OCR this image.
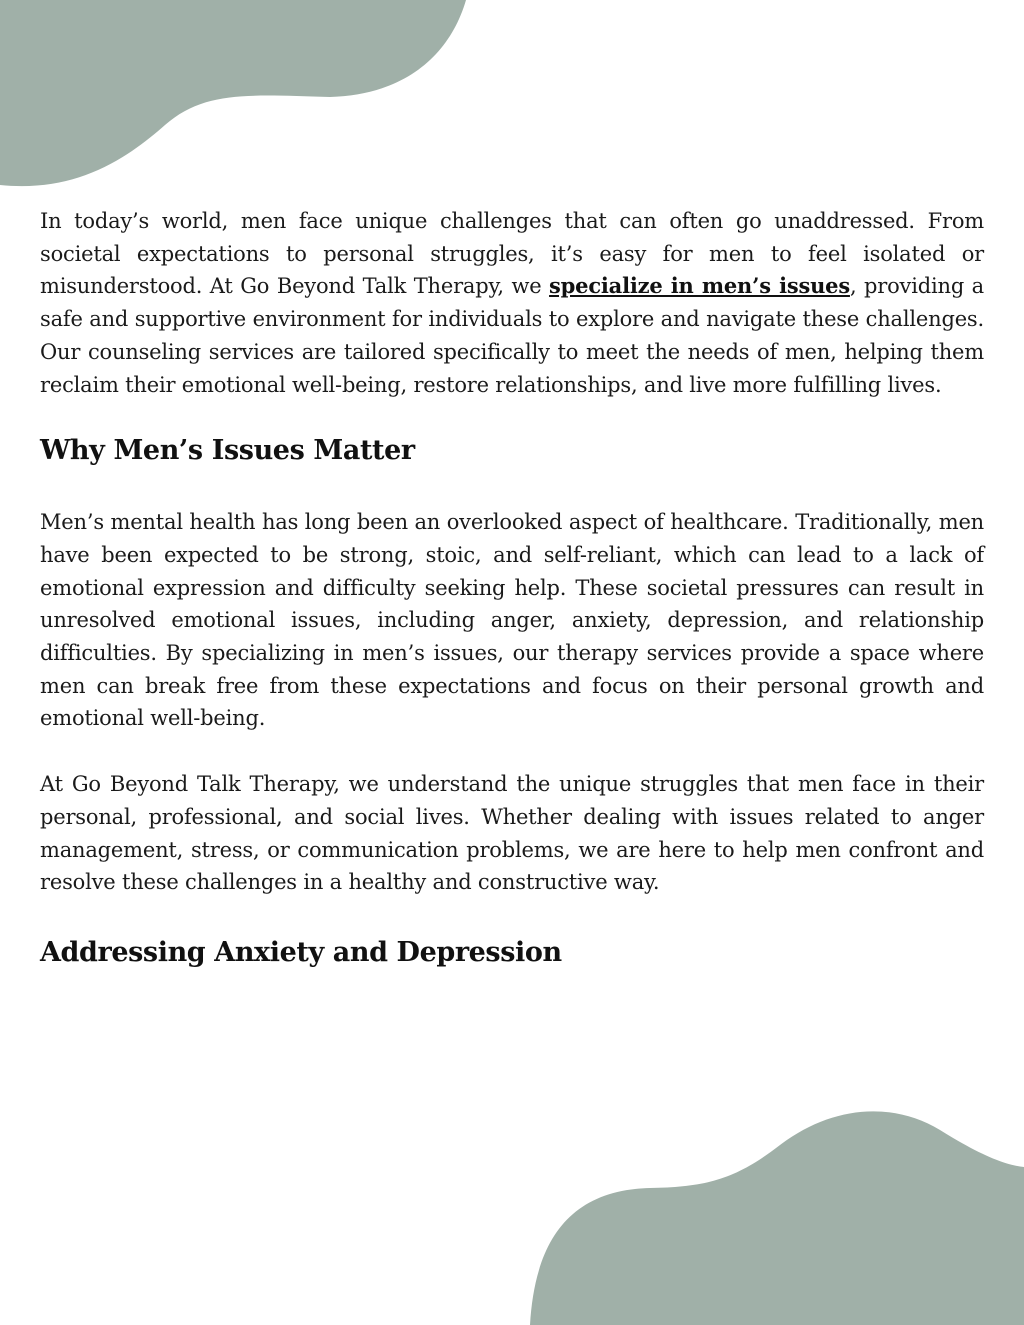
In today’s world, men face unique challenges that can often go unaddressed. From societal expectations to personal struggles, it’s easy for men to feel isolated or misunderstood. At Go Beyond Talk Therapy, we specialize in men’s issues, providing a safe and supportive environment for individuals to explore and navigate these challenges. Our counseling services are tailored specifically to meet the needs of men, helping them reclaim their emotional well-being, restore relationships, and live more fulfilling lives.

Why Men’s Issues Matter

Men’s mental health has long been an overlooked aspect of healthcare. Traditionally, men have been expected to be strong, stoic, and self-reliant, which can lead to a lack of emotional expression and difficulty seeking help. These societal pressures can result in unresolved emotional issues, including anger, anxiety, depression, and relationship difficulties. By specializing in men’s issues, our therapy services provide a space where men can break free from these expectations and focus on their personal growth and emotional well-being.

At Go Beyond Talk Therapy, we understand the unique struggles that men face in their personal, professional, and social lives. Whether dealing with issues related to anger management, stress, or communication problems, we are here to help men confront and resolve these challenges in a healthy and constructive way.

Addressing Anxiety and Depression
